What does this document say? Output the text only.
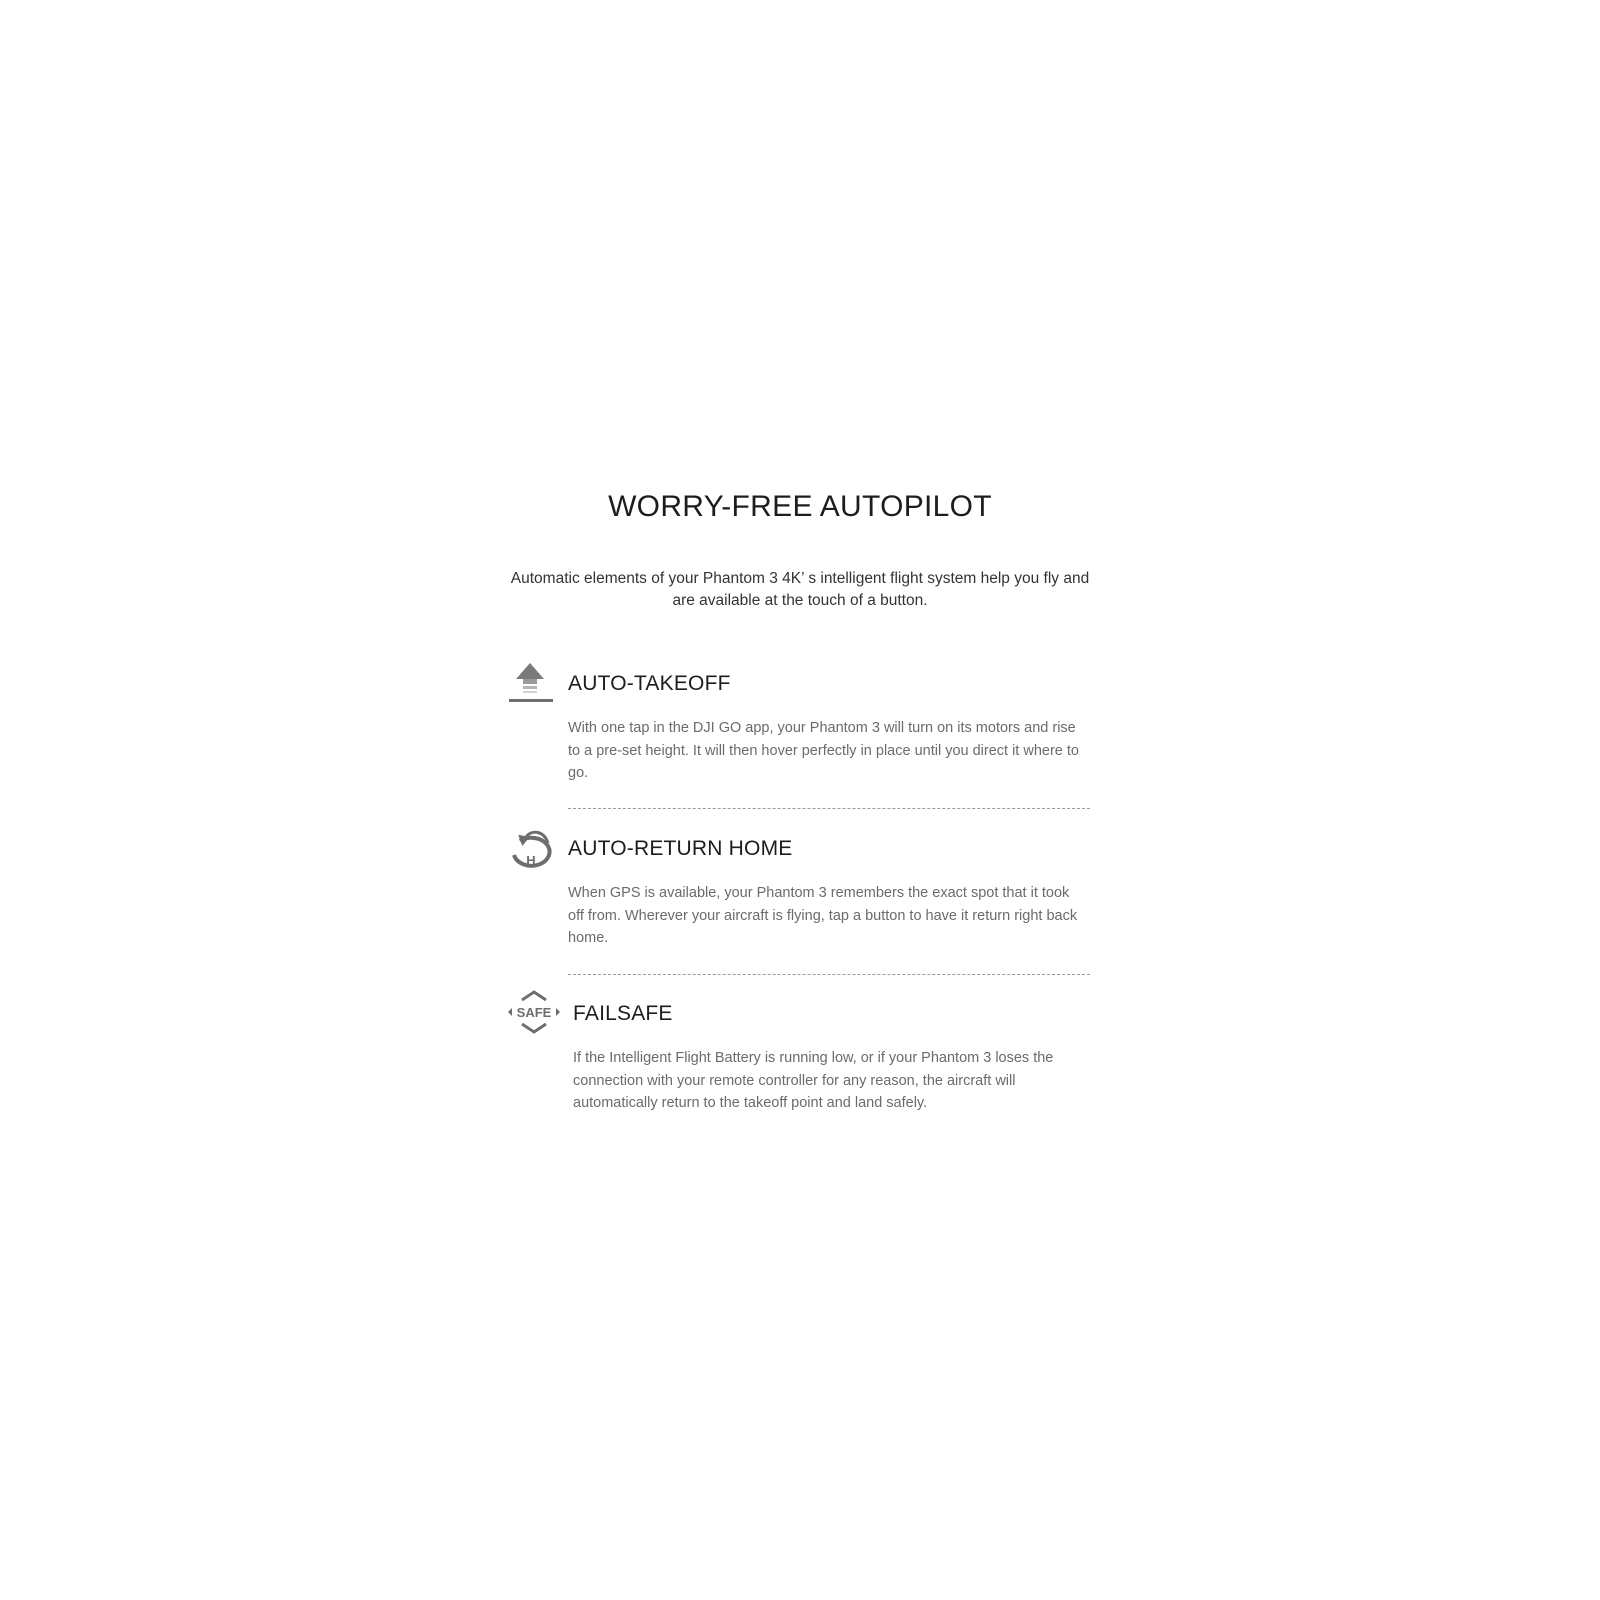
WORRY-FREE AUTOPILOT

Automatic elements of your Phantom 3 4K’ s intelligent flight system help you fly and are available at the touch of a button.

AUTO-TAKEOFF

With one tap in the DJI GO app, your Phantom 3 will turn on its motors and rise to a pre-set height. It will then hover perfectly in place until you direct it where to go.

H
AUTO-RETURN HOME

When GPS is available, your Phantom 3 remembers the exact spot that it took off from. Wherever your aircraft is flying, tap a button to have it return right back home.

SAFE FAILSAFE

If the Intelligent Flight Battery is running low, or if your Phantom 3 loses the connection with your remote controller for any reason, the aircraft will automatically return to the takeoff point and land safely.
